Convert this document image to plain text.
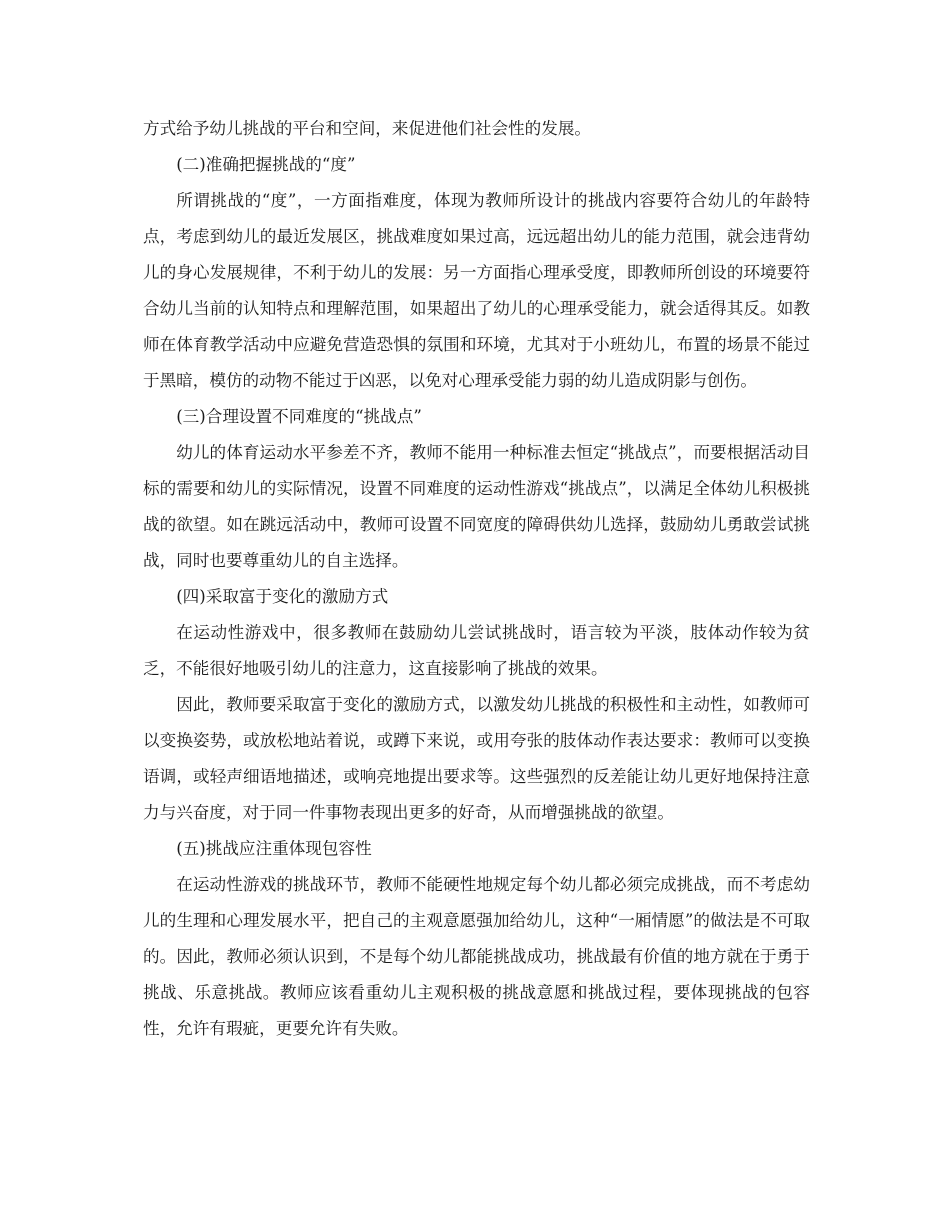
方式给予幼儿挑战的平台和空间，来促进他们社会性的发展。

(二)准确把握挑战的“度”

所谓挑战的“度”，一方面指难度，体现为教师所设计的挑战内容要符合幼儿的年龄特点，考虑到幼儿的最近发展区，挑战难度如果过高，远远超出幼儿的能力范围，就会违背幼儿的身心发展规律，不利于幼儿的发展：另一方面指心理承受度，即教师所创设的环境要符合幼儿当前的认知特点和理解范围，如果超出了幼儿的心理承受能力，就会适得其反。如教师在体育教学活动中应避免营造恐惧的氛围和环境，尤其对于小班幼儿，布置的场景不能过于黑暗，模仿的动物不能过于凶恶，以免对心理承受能力弱的幼儿造成阴影与创伤。

(三)合理设置不同难度的“挑战点”

幼儿的体育运动水平参差不齐，教师不能用一种标准去恒定“挑战点”，而要根据活动目标的需要和幼儿的实际情况，设置不同难度的运动性游戏“挑战点”，以满足全体幼儿积极挑战的欲望。如在跳远活动中，教师可设置不同宽度的障碍供幼儿选择，鼓励幼儿勇敢尝试挑战，同时也要尊重幼儿的自主选择。

(四)采取富于变化的激励方式

在运动性游戏中，很多教师在鼓励幼儿尝试挑战时，语言较为平淡，肢体动作较为贫乏，不能很好地吸引幼儿的注意力，这直接影响了挑战的效果。

因此，教师要采取富于变化的激励方式，以激发幼儿挑战的积极性和主动性，如教师可以变换姿势，或放松地站着说，或蹲下来说，或用夸张的肢体动作表达要求：教师可以变换语调，或轻声细语地描述，或响亮地提出要求等。这些强烈的反差能让幼儿更好地保持注意力与兴奋度，对于同一件事物表现出更多的好奇，从而增强挑战的欲望。

(五)挑战应注重体现包容性

在运动性游戏的挑战环节，教师不能硬性地规定每个幼儿都必须完成挑战，而不考虑幼儿的生理和心理发展水平，把自己的主观意愿强加给幼儿，这种“一厢情愿”的做法是不可取的。因此，教师必须认识到，不是每个幼儿都能挑战成功，挑战最有价值的地方就在于勇于挑战、乐意挑战。教师应该看重幼儿主观积极的挑战意愿和挑战过程，要体现挑战的包容性，允许有瑕疵，更要允许有失败。
